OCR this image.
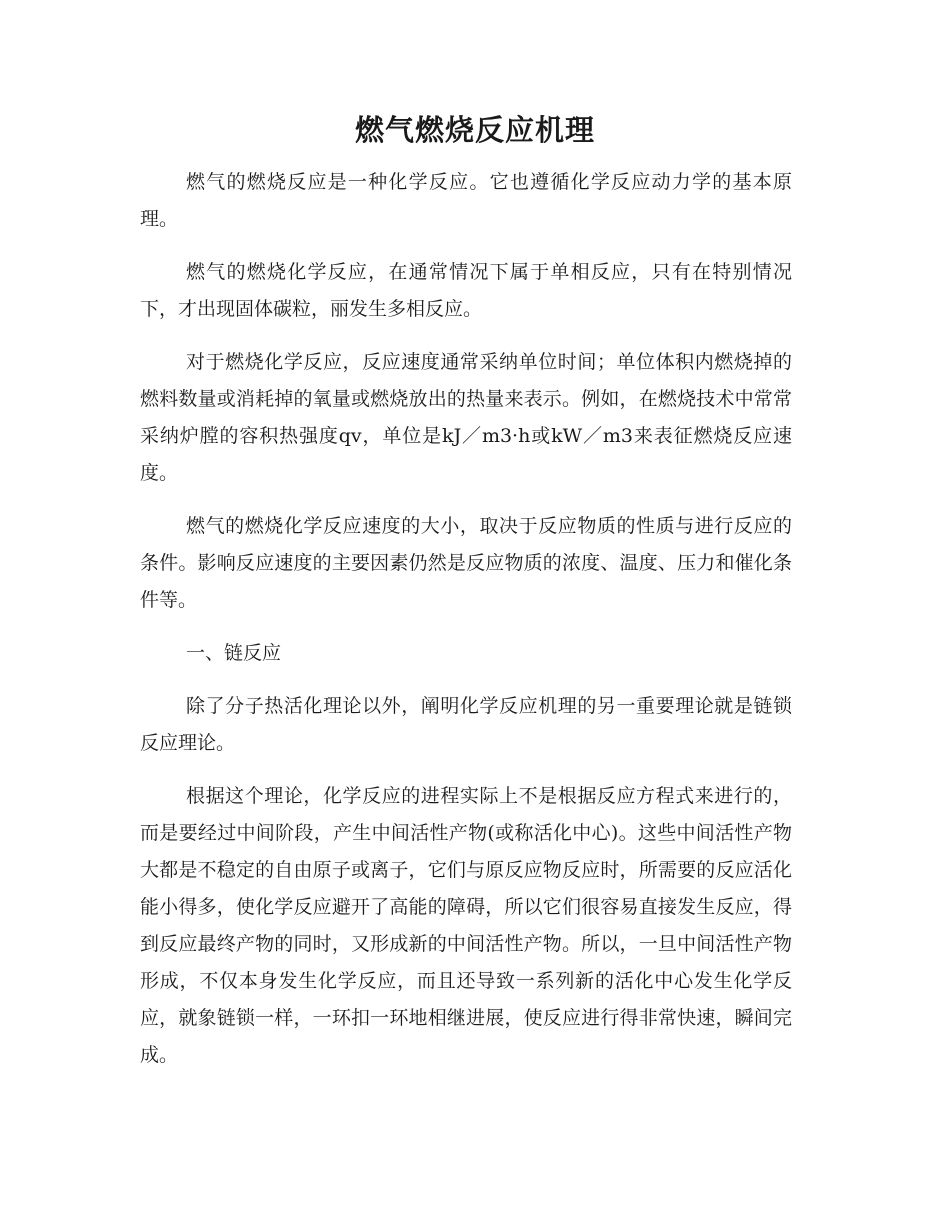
燃气燃烧反应机理

燃气的燃烧反应是一种化学反应。它也遵循化学反应动力学的基本原理。

燃气的燃烧化学反应，在通常情况下属于单相反应，只有在特别情况下，才出现固体碳粒，丽发生多相反应。

对于燃烧化学反应，反应速度通常采纳单位时间；单位体积内燃烧掉的燃料数量或消耗掉的氧量或燃烧放出的热量来表示。例如，在燃烧技术中常常采纳炉膛的容积热强度qv，单位是kJ／m3·h或kW／m3来表征燃烧反应速度。

燃气的燃烧化学反应速度的大小，取决于反应物质的性质与进行反应的条件。影响反应速度的主要因素仍然是反应物质的浓度、温度、压力和催化条件等。

一、链反应

除了分子热活化理论以外，阐明化学反应机理的另一重要理论就是链锁反应理论。

根据这个理论，化学反应的进程实际上不是根据反应方程式来进行的，而是要经过中间阶段，产生中间活性产物(或称活化中心)。这些中间活性产物大都是不稳定的自由原子或离子，它们与原反应物反应时，所需要的反应活化能小得多，使化学反应避开了高能的障碍，所以它们很容易直接发生反应，得到反应最终产物的同时，又形成新的中间活性产物。所以，一旦中间活性产物形成，不仅本身发生化学反应，而且还导致一系列新的活化中心发生化学反应，就象链锁一样，一环扣一环地相继进展，使反应进行得非常快速，瞬间完成。
